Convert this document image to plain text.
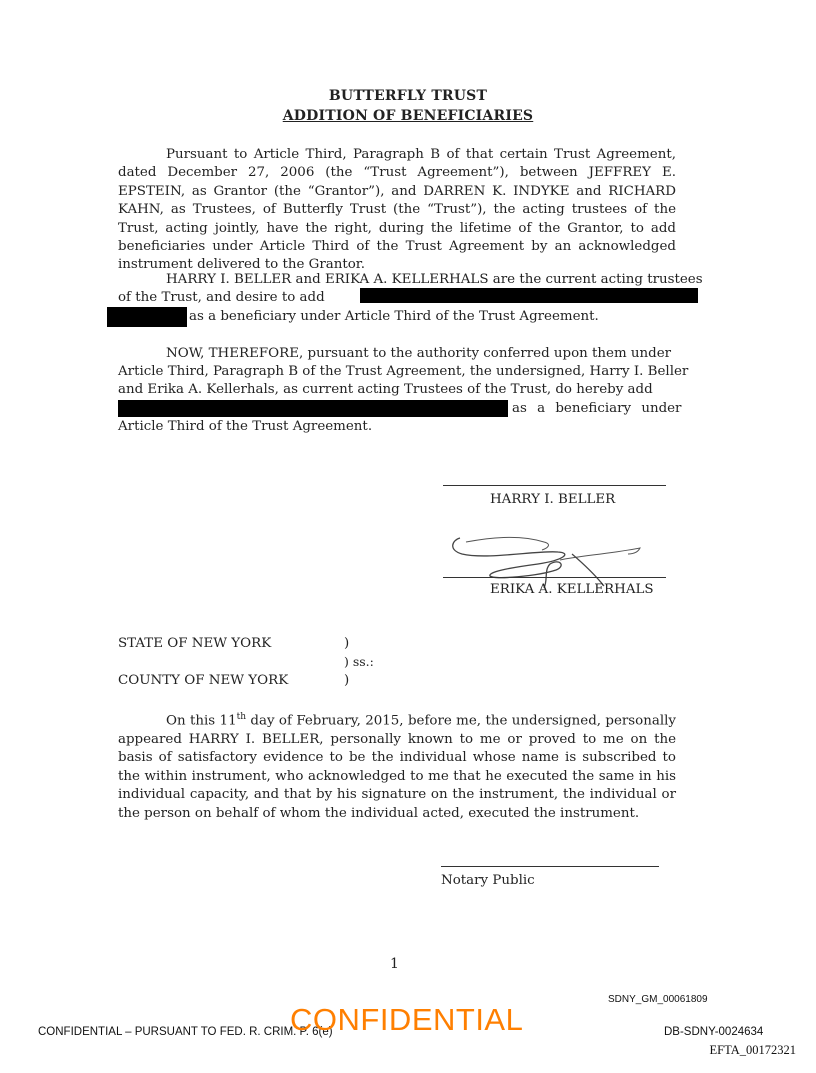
BUTTERFLY TRUST
ADDITION OF BENEFICIARIES
Pursuant to Article Third, Paragraph B of that certain Trust Agreement, dated December 27, 2006 (the “Trust Agreement”), between JEFFREY E. EPSTEIN, as Grantor (the “Grantor”), and DARREN K. INDYKE and RICHARD KAHN, as Trustees, of Butterfly Trust (the “Trust”), the acting trustees of the Trust, acting jointly, have the right, during the lifetime of the Grantor, to add beneficiaries under Article Third of the Trust Agreement by an acknowledged instrument delivered to the Grantor.
HARRY I. BELLER and ERIKA A. KELLERHALS are the current acting trustees
of the Trust, and desire to add
as a beneficiary under Article Third of the Trust Agreement.
NOW, THEREFORE, pursuant to the authority conferred upon them under
Article Third, Paragraph B of the Trust Agreement, the undersigned, Harry I. Beller
and Erika A. Kellerhals, as current acting Trustees of the Trust, do hereby add
as a beneficiary under
Article Third of the Trust Agreement.
HARRY I. BELLER
ERIKA A. KELLERHALS
STATE OF NEW YORK	)
) ss.:
COUNTY OF NEW YORK	)
On this 11th day of February, 2015, before me, the undersigned, personally appeared HARRY I. BELLER, personally known to me or proved to me on the basis of satisfactory evidence to be the individual whose name is subscribed to the within instrument, who acknowledged to me that he executed the same in his individual capacity, and that by his signature on the instrument, the individual or the person on behalf of whom the individual acted, executed the instrument.
Notary Public
1
SDNY_GM_00061809
CONFIDENTIAL – PURSUANT TO FED. R. CRIM. P. 6(e)
CONFIDENTIAL	DB-SDNY-0024634
EFTA_00172321
